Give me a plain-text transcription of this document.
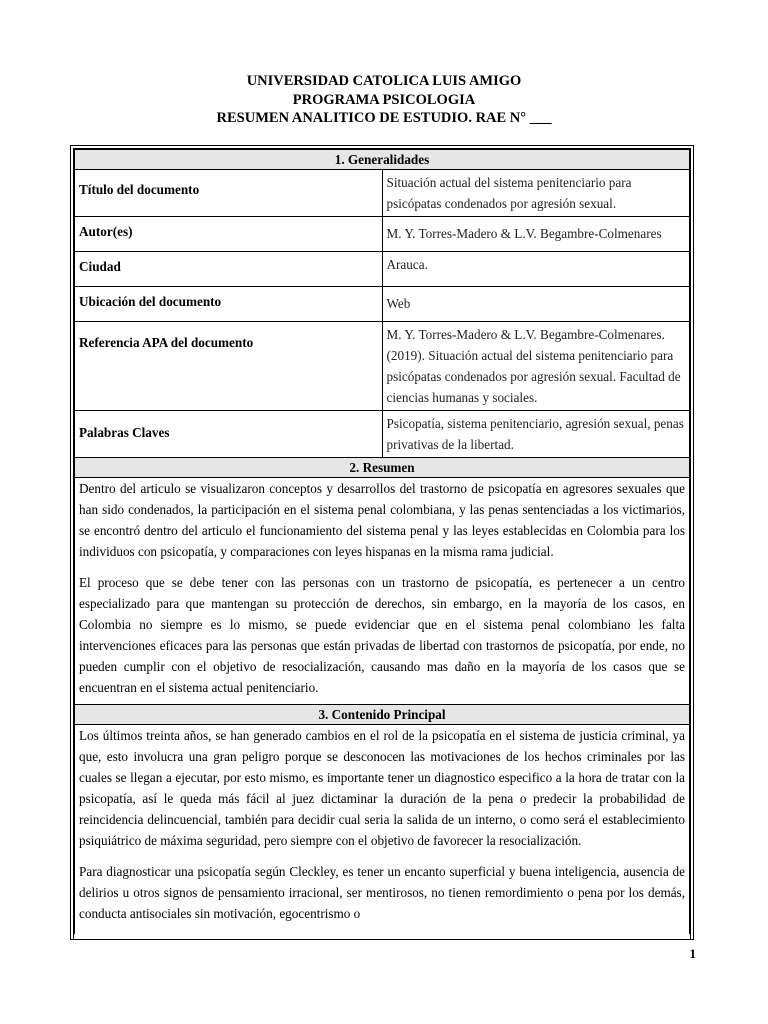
UNIVERSIDAD CATOLICA LUIS AMIGO
PROGRAMA PSICOLOGIA
RESUMEN ANALITICO DE ESTUDIO. RAE N° ___
1. Generalidades	
Título del documento	Situación actual del sistema penitenciario para psicópatas condenados por agresión sexual.
Autor(es)	M. Y. Torres-Madero & L.V. Begambre-Colmenares
Ciudad	Arauca.
Ubicación del documento	Web
Referencia APA del documento	M. Y. Torres-Madero & L.V. Begambre-Colmenares. (2019). Situación actual del sistema penitenciario para psicópatas condenados por agresión sexual. Facultad de ciencias humanas y sociales.
Palabras Claves	Psicopatía, sistema penitenciario, agresión sexual, penas privativas de la libertad.
2. Resumen	

Dentro del articulo se visualizaron conceptos y desarrollos del trastorno de psicopatía en agresores sexuales que han sido condenados, la participación en el sistema penal colombiana, y las penas sentenciadas a los victimarios, se encontró dentro del articulo el funcionamiento del sistema penal y las leyes establecidas en Colombia para los individuos con psicopatía, y comparaciones con leyes hispanas en la misma rama judicial.

El proceso que se debe tener con las personas con un trastorno de psicopatía, es pertenecer a un centro especializado para que mantengan su protección de derechos, sin embargo, en la mayoría de los casos, en Colombia no siempre es lo mismo, se puede evidenciar que en el sistema penal colombiano les falta intervenciones eficaces para las personas que están privadas de libertad con trastornos de psicopatía, por ende, no pueden cumplir con el objetivo de resocialización, causando mas daño en la mayoría de los casos que se encuentran en el sistema actual penitenciario.	

3. Contenido Principal	

Los últimos treinta años, se han generado cambios en el rol de la psicopatía en el sistema de justicia criminal, ya que, esto involucra una gran peligro porque se desconocen las motivaciones de los hechos criminales por las cuales se llegan a ejecutar, por esto mismo, es importante tener un diagnostico especifico a la hora de tratar con la psicopatía, así le queda más fácil al juez dictaminar la duración de la pena o predecir la probabilidad de reincidencia delincuencial, también para decidir cual seria la salida de un interno, o como será el establecimiento psiquiátrico de máxima seguridad, pero siempre con el objetivo de favorecer la resocialización.

Para diagnosticar una psicopatía según Cleckley, es tener un encanto superficial y buena inteligencia, ausencia de delirios u otros signos de pensamiento irracional, ser mentirosos, no tienen remordimiento o pena por los demás, conducta antisociales sin motivación, egocentrismo o	

1
